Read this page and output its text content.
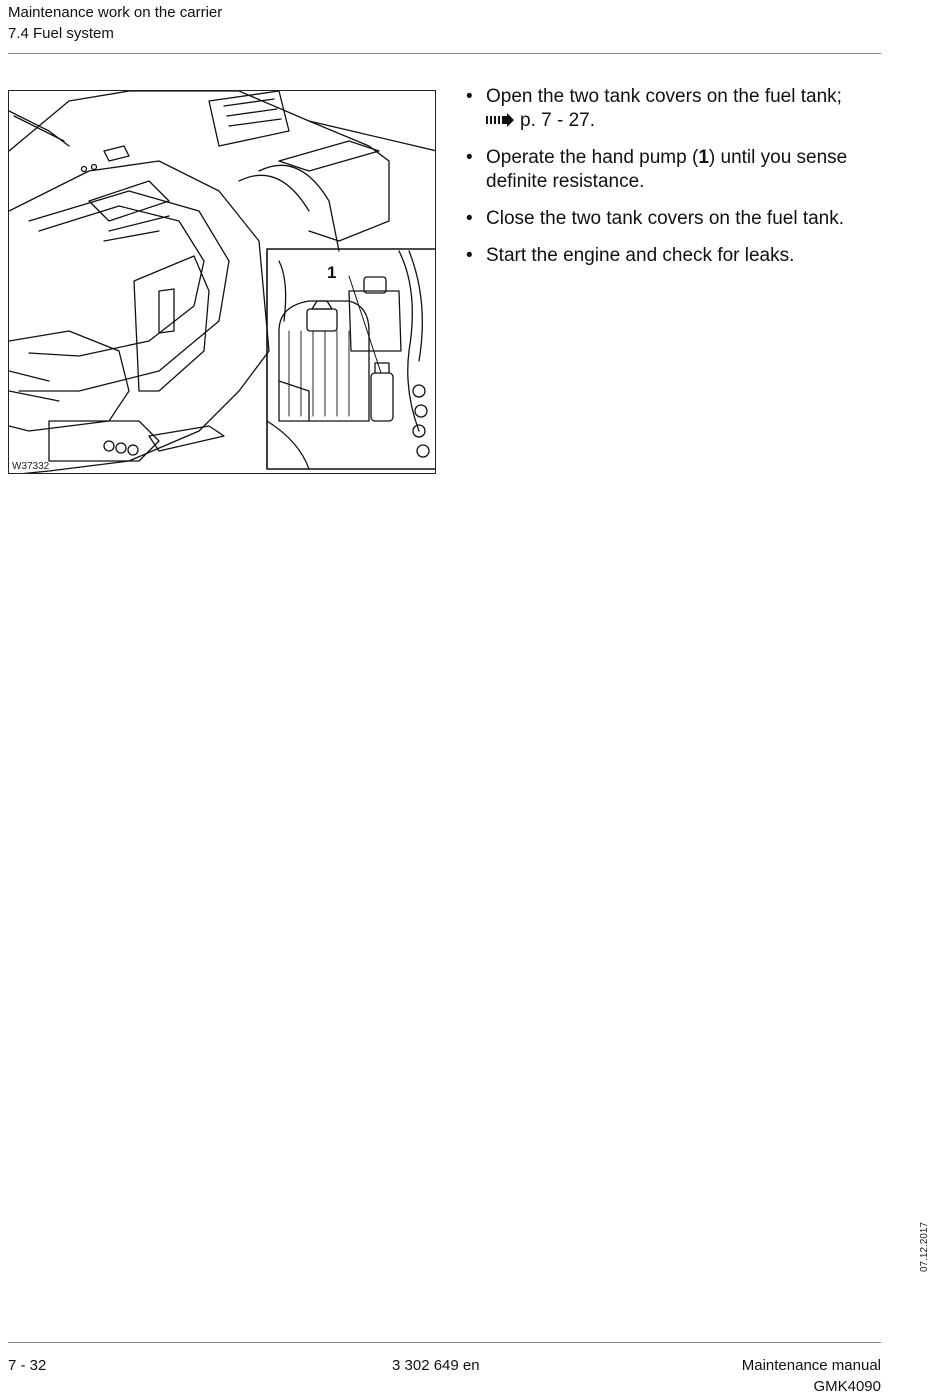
Maintenance work on the carrier
7.4 Fuel system
1
W37332
• Open the two tank covers on the fuel tank;
p. 7 - 27.
• Operate the hand pump (1) until you sense definite resistance.
• Close the two tank covers on the fuel tank.
• Start the engine and check for leaks.
07.12.2017
7 - 32	3 302 649 en	Maintenance manual
GMK4090
